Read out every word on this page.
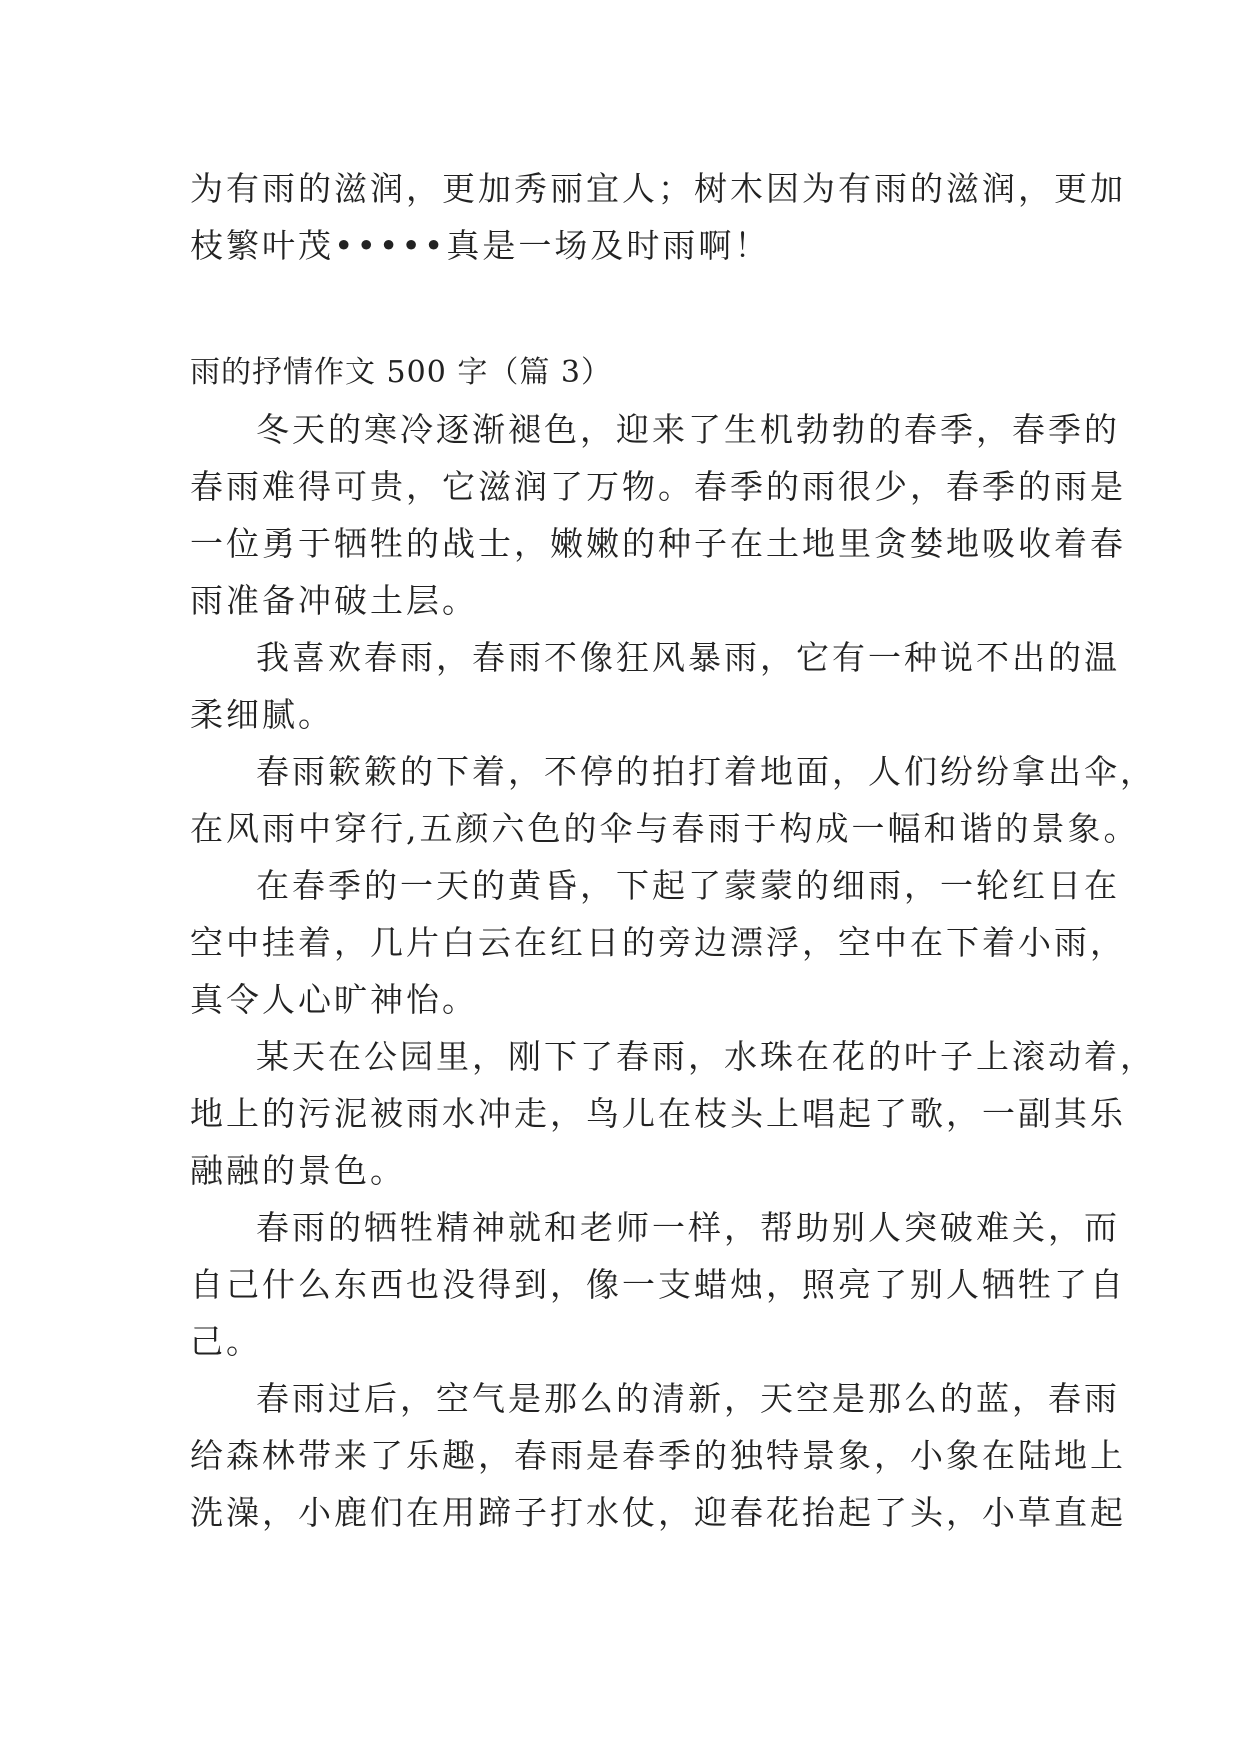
为有雨的滋润，更加秀丽宜人；树木因为有雨的滋润，更加
枝繁叶茂•••••真是一场及时雨啊！
雨的抒情作文 500 字（篇 3）
冬天的寒冷逐渐褪色，迎来了生机勃勃的春季，春季的
春雨难得可贵，它滋润了万物。春季的雨很少，春季的雨是
一位勇于牺牲的战士，嫩嫩的种子在土地里贪婪地吸收着春
雨准备冲破土层。
我喜欢春雨，春雨不像狂风暴雨，它有一种说不出的温
柔细腻。
春雨簌簌的下着，不停的拍打着地面，人们纷纷拿出伞，
在风雨中穿行,五颜六色的伞与春雨于构成一幅和谐的景象。
在春季的一天的黄昏，下起了蒙蒙的细雨，一轮红日在
空中挂着，几片白云在红日的旁边漂浮，空中在下着小雨，
真令人心旷神怡。
某天在公园里，刚下了春雨，水珠在花的叶子上滚动着，
地上的污泥被雨水冲走，鸟儿在枝头上唱起了歌，一副其乐
融融的景色。
春雨的牺牲精神就和老师一样，帮助别人突破难关，而
自己什么东西也没得到，像一支蜡烛，照亮了别人牺牲了自
己。
春雨过后，空气是那么的清新，天空是那么的蓝，春雨
给森林带来了乐趣，春雨是春季的独特景象，小象在陆地上
洗澡，小鹿们在用蹄子打水仗，迎春花抬起了头，小草直起
